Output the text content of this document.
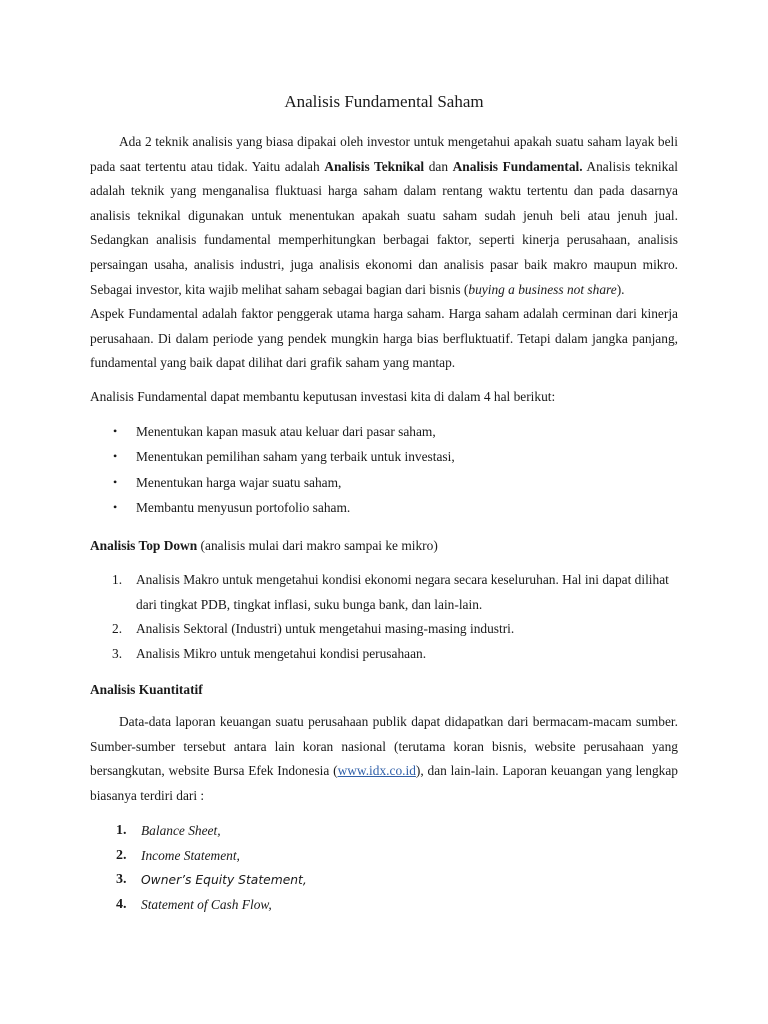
Analisis Fundamental Saham

Ada 2 teknik analisis yang biasa dipakai oleh investor untuk mengetahui apakah suatu saham layak beli pada saat tertentu atau tidak. Yaitu adalah Analisis Teknikal dan Analisis Fundamental. Analisis teknikal adalah teknik yang menganalisa fluktuasi harga saham dalam rentang waktu tertentu dan pada dasarnya analisis teknikal digunakan untuk menentukan apakah suatu saham sudah jenuh beli atau jenuh jual. Sedangkan analisis fundamental memperhitungkan berbagai faktor, seperti kinerja perusahaan, analisis persaingan usaha, analisis industri, juga analisis ekonomi dan analisis pasar baik makro maupun mikro. Sebagai investor, kita wajib melihat saham sebagai bagian dari bisnis (buying a business not share).

Aspek Fundamental adalah faktor penggerak utama harga saham. Harga saham adalah cerminan dari kinerja perusahaan. Di dalam periode yang pendek mungkin harga bias berfluktuatif. Tetapi dalam jangka panjang, fundamental yang baik dapat dilihat dari grafik saham yang mantap.

Analisis Fundamental dapat membantu keputusan investasi kita di dalam 4 hal berikut:

• Menentukan kapan masuk atau keluar dari pasar saham,
• Menentukan pemilihan saham yang terbaik untuk investasi,
• Menentukan harga wajar suatu saham,
• Membantu menyusun portofolio saham.

Analisis Top Down (analisis mulai dari makro sampai ke mikro)

1. Analisis Makro untuk mengetahui kondisi ekonomi negara secara keseluruhan. Hal ini dapat dilihat dari tingkat PDB, tingkat inflasi, suku bunga bank, dan lain-lain.
2. Analisis Sektoral (Industri) untuk mengetahui masing-masing industri.
3. Analisis Mikro untuk mengetahui kondisi perusahaan.

Analisis Kuantitatif

Data-data laporan keuangan suatu perusahaan publik dapat didapatkan dari bermacam-macam sumber. Sumber-sumber tersebut antara lain koran nasional (terutama koran bisnis, website perusahaan yang bersangkutan, website Bursa Efek Indonesia (www.idx.co.id), dan lain-lain. Laporan keuangan yang lengkap biasanya terdiri dari :

1. Balance Sheet,
2. Income Statement,
3. Owner’s Equity Statement,
4. Statement of Cash Flow,
